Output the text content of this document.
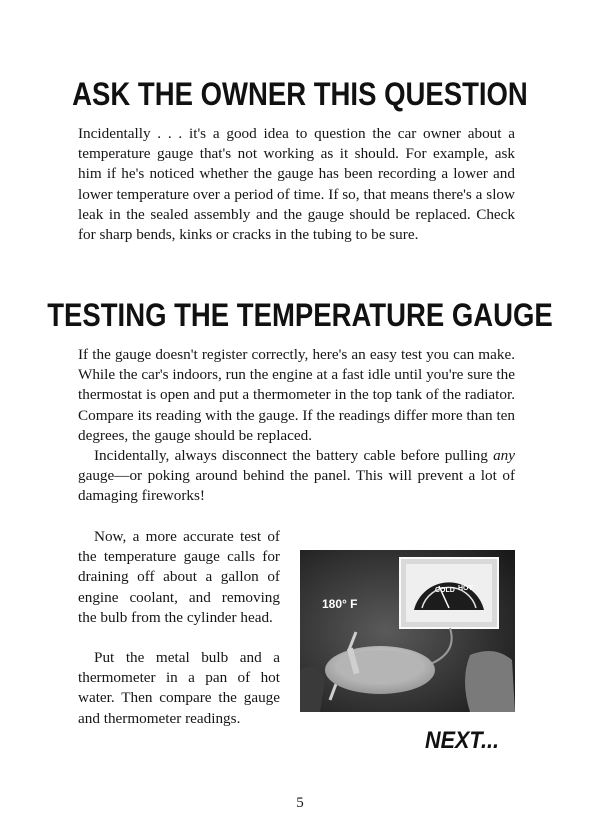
ASK THE OWNER THIS QUESTION

Incidentally . . . it's a good idea to question the car owner about a temperature gauge that's not working as it should. For example, ask him if he's noticed whether the gauge has been recording a lower and lower temperature over a period of time. If so, that means there's a slow leak in the sealed assembly and the gauge should be replaced. Check for sharp bends, kinks or cracks in the tubing to be sure.

TESTING THE TEMPERATURE GAUGE

If the gauge doesn't register correctly, here's an easy test you can make. While the car's indoors, run the engine at a fast idle until you're sure the thermostat is open and put a thermometer in the top tank of the radiator. Compare its reading with the gauge. If the readings differ more than ten degrees, the gauge should be replaced.

Incidentally, always disconnect the battery cable before pulling any gauge—or poking around behind the panel. This will prevent a lot of damaging fireworks!

Now, a more accurate test of the temperature gauge calls for draining off about a gallon of engine coolant, and removing the bulb from the cylinder head.

Put the metal bulb and a thermometer in a pan of hot water. Then compare the gauge and thermometer readings.

COLD HOT
180° F

NEXT...

5
